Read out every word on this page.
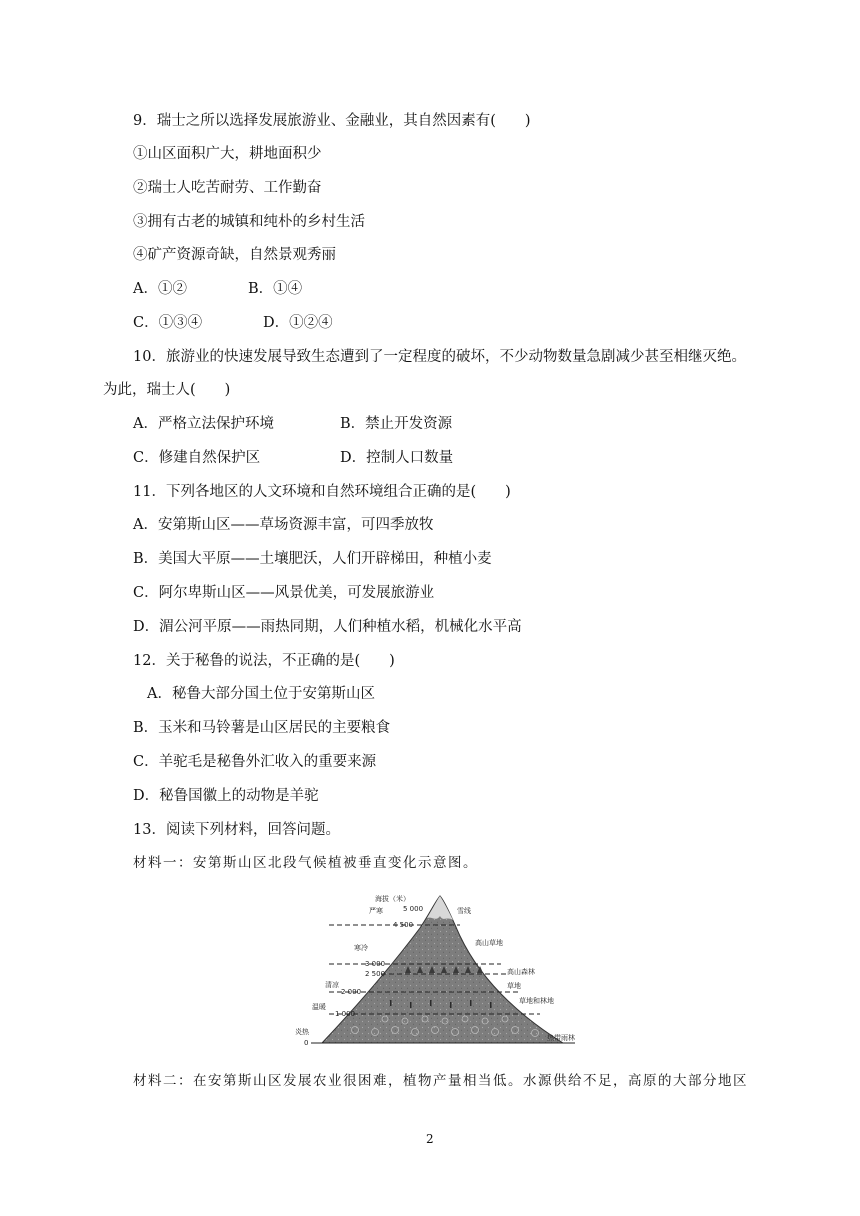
9．瑞士之所以选择发展旅游业、金融业，其自然因素有(　　)
①山区面积广大，耕地面积少
②瑞士人吃苦耐劳、工作勤奋
③拥有古老的城镇和纯朴的乡村生活
④矿产资源奇缺，自然景观秀丽
A．①②	B．①④
C．①③④	D．①②④
10．旅游业的快速发展导致生态遭到了一定程度的破坏，不少动物数量急剧减少甚至相继灭绝。
为此，瑞士人(　　)
A．严格立法保护环境	B．禁止开发资源
C．修建自然保护区	D．控制人口数量
11．下列各地区的人文环境和自然环境组合正确的是(　　)
A．安第斯山区——草场资源丰富，可四季放牧
B．美国大平原——土壤肥沃，人们开辟梯田，种植小麦
C．阿尔卑斯山区——风景优美，可发展旅游业
D．湄公河平原——雨热同期，人们种植水稻，机械化水平高
12．关于秘鲁的说法，不正确的是(　　)
A．秘鲁大部分国土位于安第斯山区
B．玉米和马铃薯是山区居民的主要粮食
C．羊驼毛是秘鲁外汇收入的重要来源
D．秘鲁国徽上的动物是羊驼
13．阅读下列材料，回答问题。
材料一：安第斯山区北段气候植被垂直变化示意图。
海拔（米）
5 000
4 500
3 000
2 500
2 000
1 000
0
严寒
寒冷
清凉
温暖
炎热
雪线
高山草地
高山森林
草地
草地和林地
热带雨林
材料二：在安第斯山区发展农业很困难，植物产量相当低。水源供给不足，高原的大部分地区
2
